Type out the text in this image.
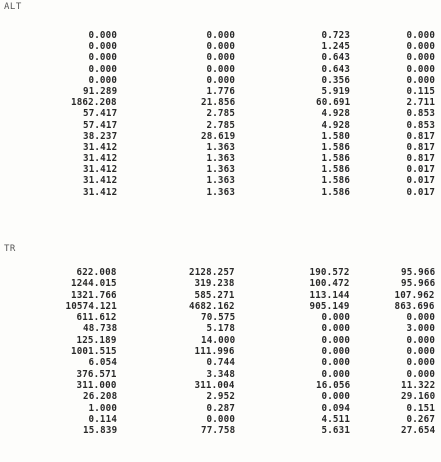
ALT
0.000	0.000	0.723	0.000
0.000	0.000	1.245	0.000
0.000	0.000	0.643	0.000
0.000	0.000	0.643	0.000
0.000	0.000	0.356	0.000
91.289	1.776	5.919	0.115
1862.208	21.856	60.691	2.711
57.417	2.785	4.928	0.853
57.417	2.785	4.928	0.853
38.237	28.619	1.580	0.817
31.412	1.363	1.586	0.817
31.412	1.363	1.586	0.817
31.412	1.363	1.586	0.017
31.412	1.363	1.586	0.017
31.412	1.363	1.586	0.017
TR
622.008	2128.257	190.572	95.966
1244.015	319.238	100.472	95.966
1321.766	585.271	113.144	107.962
10574.121	4682.162	905.149	863.696
611.612	70.575	0.000	0.000
48.738	5.178	0.000	3.000
125.189	14.000	0.000	0.000
1001.515	111.996	0.000	0.000
6.054	0.744	0.000	0.000
376.571	3.348	0.000	0.000
311.000	311.004	16.056	11.322
26.208	2.952	0.000	29.160
1.000	0.287	0.094	0.151
0.114	0.000	4.511	0.267
15.839	77.758	5.631	27.654
